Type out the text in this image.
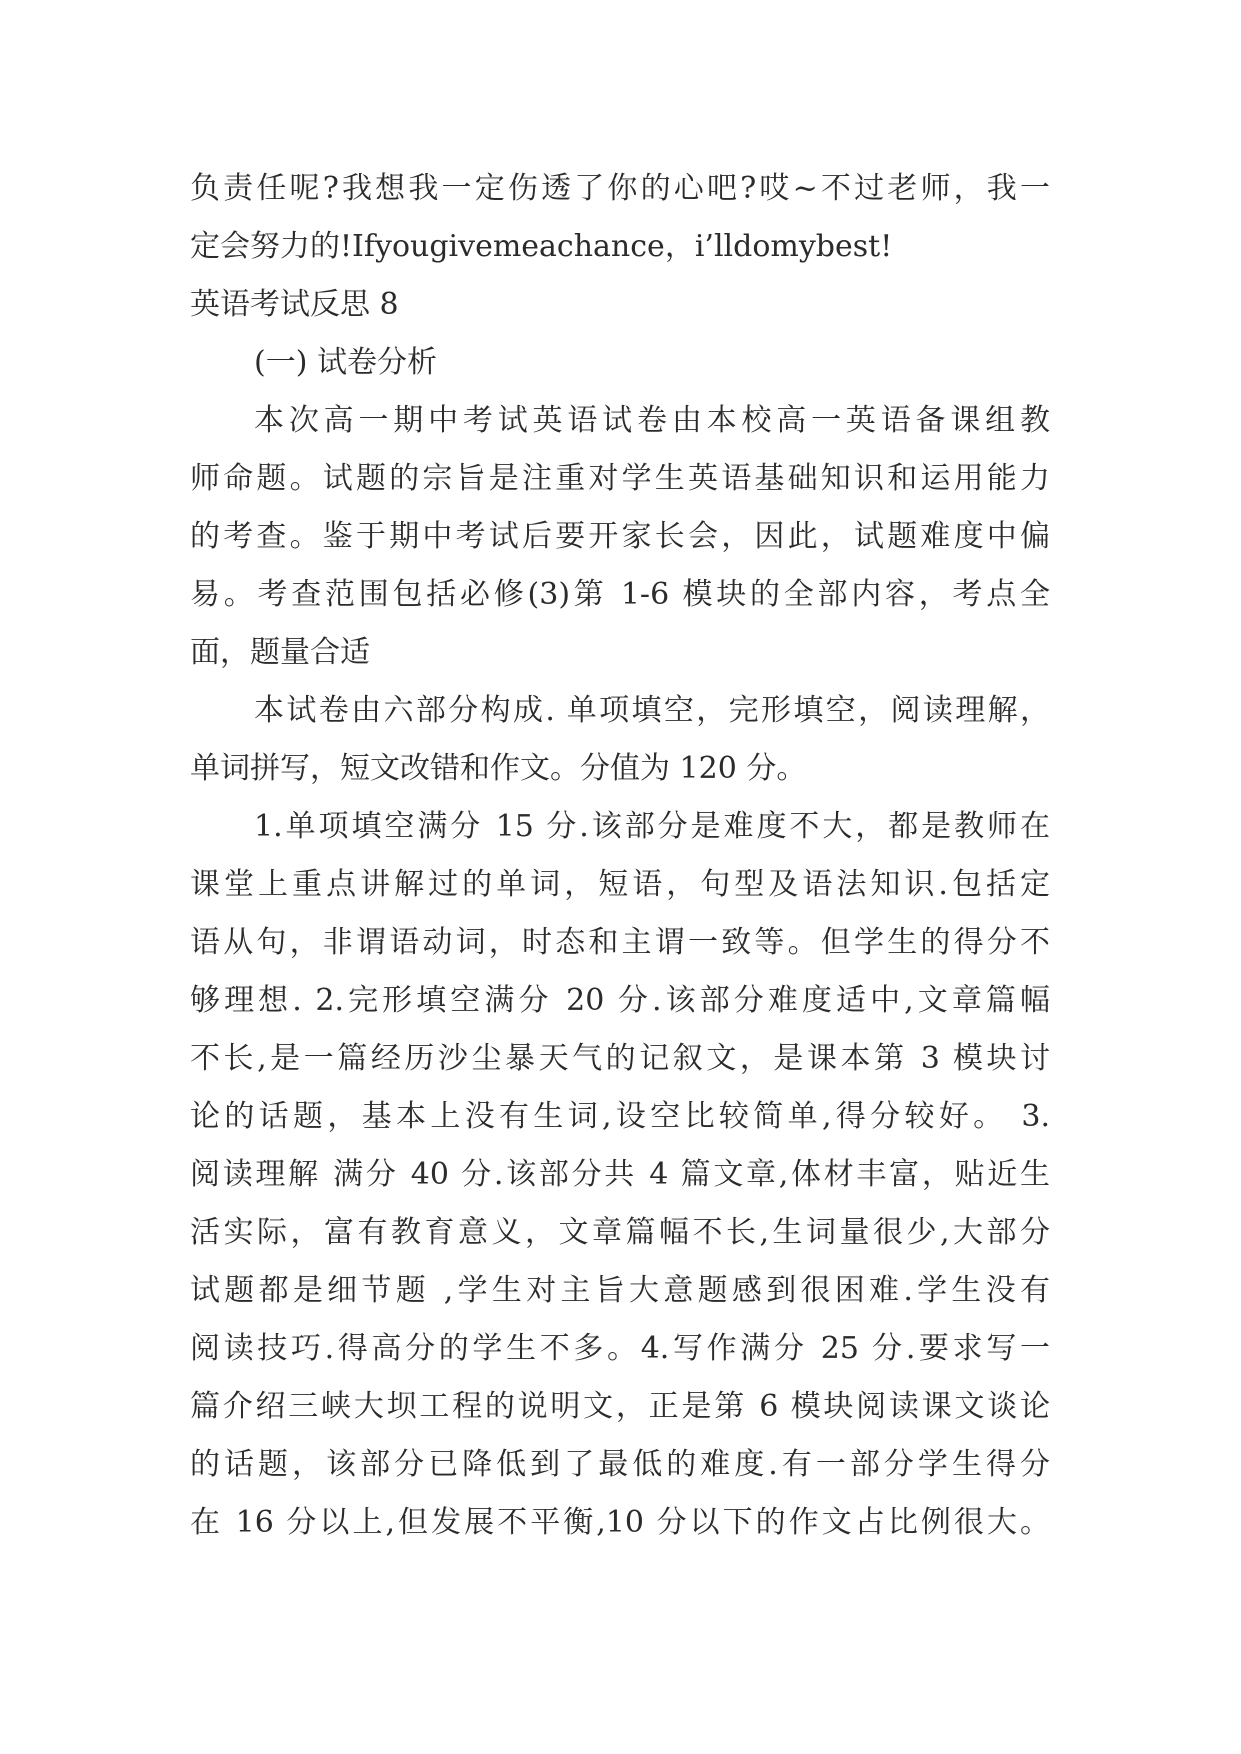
负责任呢?我想我一定伤透了你的心吧?哎~不过老师，我一
定会努力的!Ifyougivemeachance，i’lldomybest!
英语考试反思 8
(一) 试卷分析
本次高一期中考试英语试卷由本校高一英语备课组教
师命题。试题的宗旨是注重对学生英语基础知识和运用能力
的考查。鉴于期中考试后要开家长会，因此，试题难度中偏
易。考查范围包括必修(3)第 1-6 模块的全部内容，考点全
面，题量合适
本试卷由六部分构成. 单项填空，完形填空，阅读理解，
单词拼写，短文改错和作文。分值为 120 分。
1.单项填空满分 15 分.该部分是难度不大，都是教师在
课堂上重点讲解过的单词，短语，句型及语法知识.包括定
语从句，非谓语动词，时态和主谓一致等。但学生的得分不
够理想. 2.完形填空满分 20 分.该部分难度适中,文章篇幅
不长,是一篇经历沙尘暴天气的记叙文，是课本第 3 模块讨
论的话题，基本上没有生词,设空比较简单,得分较好。 3.
阅读理解 满分 40 分.该部分共 4 篇文章,体材丰富，贴近生
活实际，富有教育意义，文章篇幅不长,生词量很少,大部分
试题都是细节题 ,学生对主旨大意题感到很困难.学生没有
阅读技巧.得高分的学生不多。4.写作满分 25 分.要求写一
篇介绍三峡大坝工程的说明文，正是第 6 模块阅读课文谈论
的话题，该部分已降低到了最低的难度.有一部分学生得分
在 16 分以上,但发展不平衡,10 分以下的作文占比例很大。
